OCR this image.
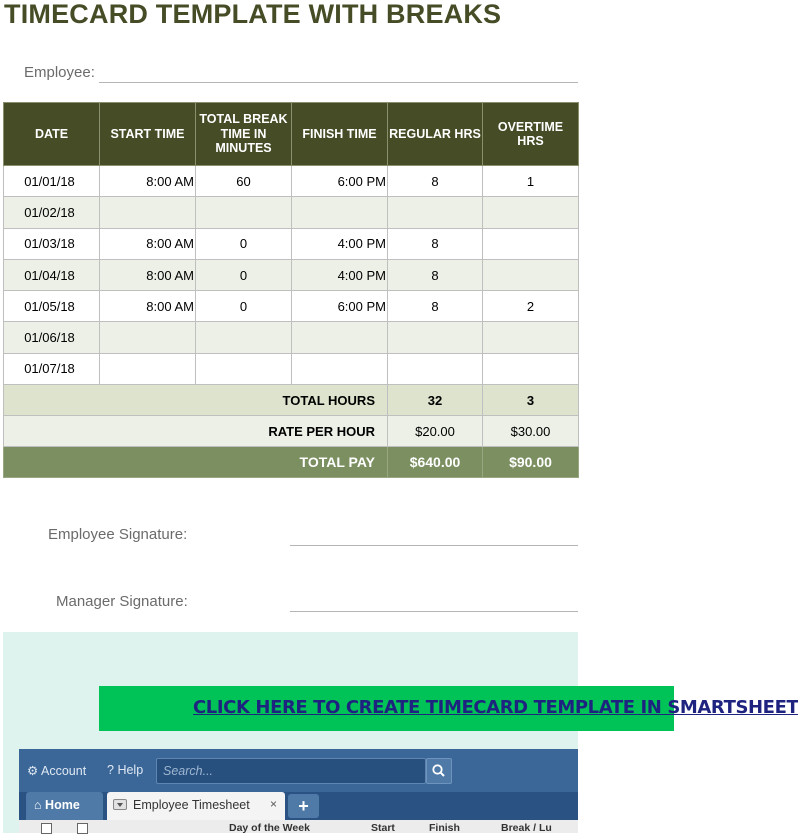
TIMECARD TEMPLATE WITH BREAKS
Employee:
DATE	START TIME	TOTAL BREAK TIME IN MINUTES	FINISH TIME	REGULAR HRS	OVERTIME HRS
01/01/18	8:00 AM	60	6:00 PM	8	1
01/02/18					
01/03/18	8:00 AM	0	4:00 PM	8	
01/04/18	8:00 AM	0	4:00 PM	8	
01/05/18	8:00 AM	0	6:00 PM	8	2
01/06/18					
01/07/18					
TOTAL HOURS				32	3
RATE PER HOUR				$20.00	$30.00
TOTAL PAY				$640.00	$90.00
Employee Signature:
Manager Signature:
CLICK HERE TO CREATE TIMECARD TEMPLATE IN SMARTSHEET
⚙ Account ? Help Search...
⌂ Home	Employee Timesheet ×	+
Day of the Week	Start	Finish	Break / Lu
